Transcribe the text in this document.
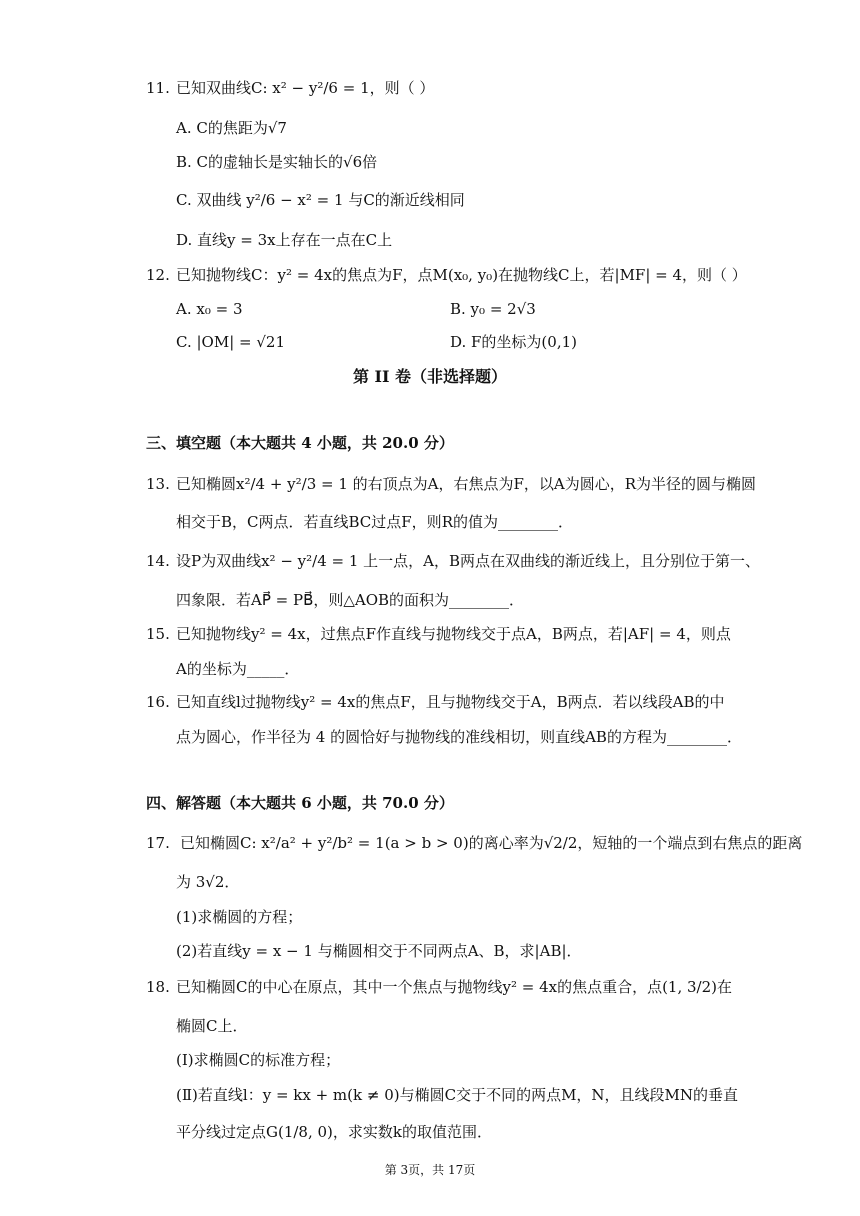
11. 已知双曲线C: x² − y²/6 = 1，则（ ）
A. C的焦距为√7
B. C的虚轴长是实轴长的√6倍
C. 双曲线 y²/6 − x² = 1 与C的渐近线相同
D. 直线y = 3x上存在一点在C上
12. 已知抛物线C：y² = 4x的焦点为F，点M(x₀, y₀)在抛物线C上，若|MF| = 4，则（ ）
A. x₀ = 3	B. y₀ = 2√3
C. |OM| = √21	D. F的坐标为(0,1)
第 II 卷（非选择题）
三、填空题（本大题共 4 小题，共 20.0 分）
13. 已知椭圆x²/4 + y²/3 = 1 的右顶点为A，右焦点为F，以A为圆心，R为半径的圆与椭圆
相交于B，C两点．若直线BC过点F，则R的值为________．
14. 设P为双曲线x² − y²/4 = 1 上一点，A，B两点在双曲线的渐近线上，且分别位于第一、
四象限．若AP⃗ = PB⃗，则△AOB的面积为________．
15. 已知抛物线y² = 4x，过焦点F作直线与抛物线交于点A，B两点，若|AF| = 4，则点
A的坐标为_____．
16. 已知直线l过抛物线y² = 4x的焦点F，且与抛物线交于A，B两点．若以线段AB的中
点为圆心，作半径为 4 的圆恰好与抛物线的准线相切，则直线AB的方程为________．
四、解答题（本大题共 6 小题，共 70.0 分）
17. 已知椭圆C: x²/a² + y²/b² = 1(a > b > 0)的离心率为√2/2，短轴的一个端点到右焦点的距离
为 3√2．
(1)求椭圆的方程；
(2)若直线y = x − 1 与椭圆相交于不同两点A、B，求|AB|．
18. 已知椭圆C的中心在原点，其中一个焦点与抛物线y² = 4x的焦点重合，点(1, 3/2)在
椭圆C上．
(Ⅰ)求椭圆C的标准方程；
(Ⅱ)若直线l：y = kx + m(k ≠ 0)与椭圆C交于不同的两点M，N，且线段MN的垂直
平分线过定点G(1/8, 0)，求实数k的取值范围．
第 3页，共 17页
